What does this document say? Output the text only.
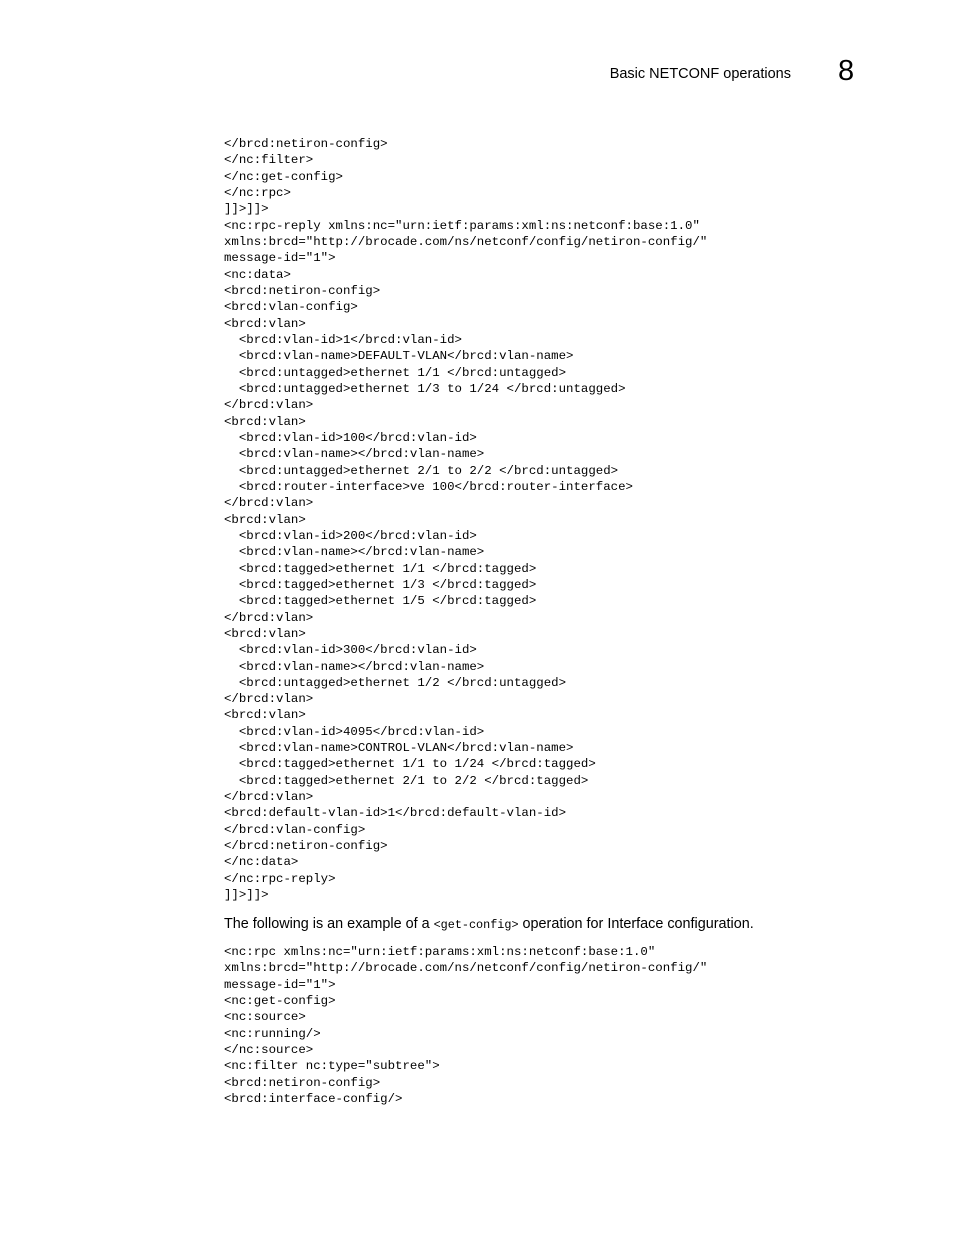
Basic NETCONF operations 8
</brcd:netiron-config>
</nc:filter>
</nc:get-config>
</nc:rpc>
]]>]]>
<nc:rpc-reply xmlns:nc="urn:ietf:params:xml:ns:netconf:base:1.0"
xmlns:brcd="http://brocade.com/ns/netconf/config/netiron-config/"
message-id="1">
<nc:data>
<brcd:netiron-config>
<brcd:vlan-config>
<brcd:vlan>
<brcd:vlan-id>1</brcd:vlan-id>
<brcd:vlan-name>DEFAULT-VLAN</brcd:vlan-name>
<brcd:untagged>ethernet 1/1 </brcd:untagged>
<brcd:untagged>ethernet 1/3 to 1/24 </brcd:untagged>
</brcd:vlan>
<brcd:vlan>
<brcd:vlan-id>100</brcd:vlan-id>
<brcd:vlan-name></brcd:vlan-name>
<brcd:untagged>ethernet 2/1 to 2/2 </brcd:untagged>
<brcd:router-interface>ve 100</brcd:router-interface>
</brcd:vlan>
<brcd:vlan>
<brcd:vlan-id>200</brcd:vlan-id>
<brcd:vlan-name></brcd:vlan-name>
<brcd:tagged>ethernet 1/1 </brcd:tagged>
<brcd:tagged>ethernet 1/3 </brcd:tagged>
<brcd:tagged>ethernet 1/5 </brcd:tagged>
</brcd:vlan>
<brcd:vlan>
<brcd:vlan-id>300</brcd:vlan-id>
<brcd:vlan-name></brcd:vlan-name>
<brcd:untagged>ethernet 1/2 </brcd:untagged>
</brcd:vlan>
<brcd:vlan>
<brcd:vlan-id>4095</brcd:vlan-id>
<brcd:vlan-name>CONTROL-VLAN</brcd:vlan-name>
<brcd:tagged>ethernet 1/1 to 1/24 </brcd:tagged>
<brcd:tagged>ethernet 2/1 to 2/2 </brcd:tagged>
</brcd:vlan>
<brcd:default-vlan-id>1</brcd:default-vlan-id>
</brcd:vlan-config>
</brcd:netiron-config>
</nc:data>
</nc:rpc-reply>
]]>]]>

The following is an example of a <get-config> operation for Interface configuration.

<nc:rpc xmlns:nc="urn:ietf:params:xml:ns:netconf:base:1.0"
xmlns:brcd="http://brocade.com/ns/netconf/config/netiron-config/"
message-id="1">
<nc:get-config>
<nc:source>
<nc:running/>
</nc:source>
<nc:filter nc:type="subtree">
<brcd:netiron-config>
<brcd:interface-config/>
